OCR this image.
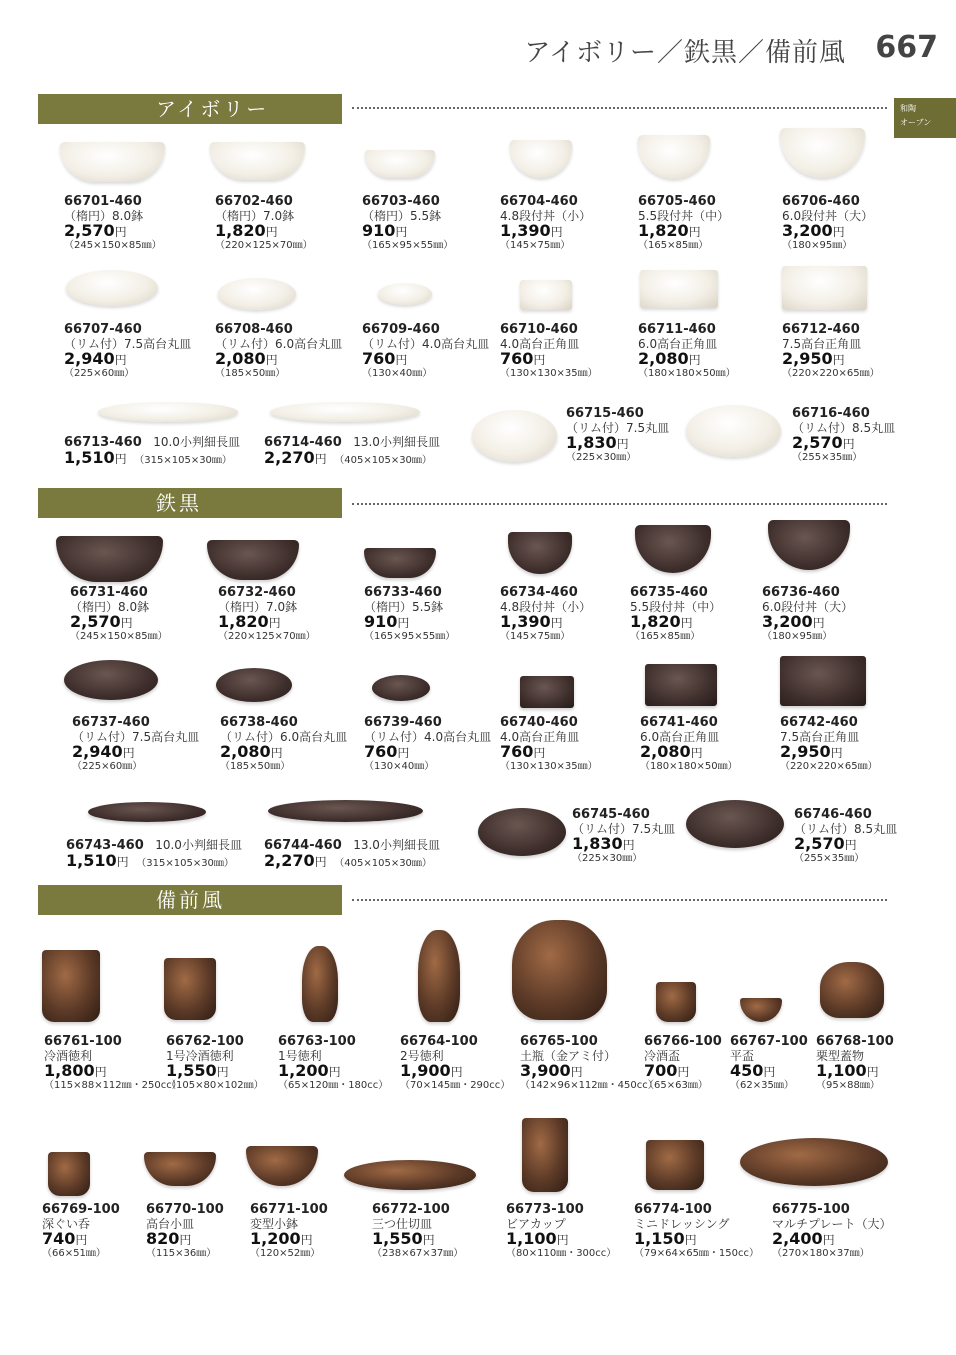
アイボリー／鉄黒／備前風 667
和陶
オーブン
アイボリー
鉄黒
備前風
66701-460
（楕円）8.0鉢
2,570円
（245×150×85㎜）
66702-460
（楕円）7.0鉢
1,820円
（220×125×70㎜）
66703-460
（楕円）5.5鉢
910円
（165×95×55㎜）
66704-460
4.8段付丼（小）
1,390円
（145×75㎜）
66705-460
5.5段付丼（中）
1,820円
（165×85㎜）
66706-460
6.0段付丼（大）
3,200円
（180×95㎜）
66707-460
（リム付）7.5高台丸皿
2,940円
（225×60㎜）
66708-460
（リム付）6.0高台丸皿
2,080円
（185×50㎜）
66709-460
（リム付）4.0高台丸皿
760円
（130×40㎜）
66710-460
4.0高台正角皿
760円
（130×130×35㎜）
66711-460
6.0高台正角皿
2,080円
（180×180×50㎜）
66712-460
7.5高台正角皿
2,950円
（220×220×65㎜）
66713-460 10.0小判細長皿
1,510円 （315×105×30㎜）
66714-460 13.0小判細長皿
2,270円 （405×105×30㎜）
66715-460
（リム付）7.5丸皿
1,830円
（225×30㎜）
66716-460
（リム付）8.5丸皿
2,570円
（255×35㎜）
66731-460
（楕円）8.0鉢
2,570円
（245×150×85㎜）
66732-460
（楕円）7.0鉢
1,820円
（220×125×70㎜）
66733-460
（楕円）5.5鉢
910円
（165×95×55㎜）
66734-460
4.8段付丼（小）
1,390円
（145×75㎜）
66735-460
5.5段付丼（中）
1,820円
（165×85㎜）
66736-460
6.0段付丼（大）
3,200円
（180×95㎜）
66737-460
（リム付）7.5高台丸皿
2,940円
（225×60㎜）
66738-460
（リム付）6.0高台丸皿
2,080円
（185×50㎜）
66739-460
（リム付）4.0高台丸皿
760円
（130×40㎜）
66740-460
4.0高台正角皿
760円
（130×130×35㎜）
66741-460
6.0高台正角皿
2,080円
（180×180×50㎜）
66742-460
7.5高台正角皿
2,950円
（220×220×65㎜）
66743-460 10.0小判細長皿
1,510円 （315×105×30㎜）
66744-460 13.0小判細長皿
2,270円 （405×105×30㎜）
66745-460
（リム付）7.5丸皿
1,830円
（225×30㎜）
66746-460
（リム付）8.5丸皿
2,570円
（255×35㎜）
66761-100
冷酒徳利
1,800円
（115×88×112㎜・250cc）
66762-100
1号冷酒徳利
1,550円
（105×80×102㎜）
66763-100
1号徳利
1,200円
（65×120㎜・180cc）
66764-100
2号徳利
1,900円
（70×145㎜・290cc）
66765-100
土瓶（金アミ付）
3,900円
（142×96×112㎜・450cc）
66766-100
冷酒盃
700円
（65×63㎜）
66767-100
平盃
450円
（62×35㎜）
66768-100
栗型蓋物
1,100円
（95×88㎜）
66769-100
深ぐい呑
740円
（66×51㎜）
66770-100
高台小皿
820円
（115×36㎜）
66771-100
変型小鉢
1,200円
（120×52㎜）
66772-100
三つ仕切皿
1,550円
（238×67×37㎜）
66773-100
ビアカップ
1,100円
（80×110㎜・300cc）
66774-100
ミニドレッシング
1,150円
（79×64×65㎜・150cc）
66775-100
マルチプレート（大）
2,400円
（270×180×37㎜）
